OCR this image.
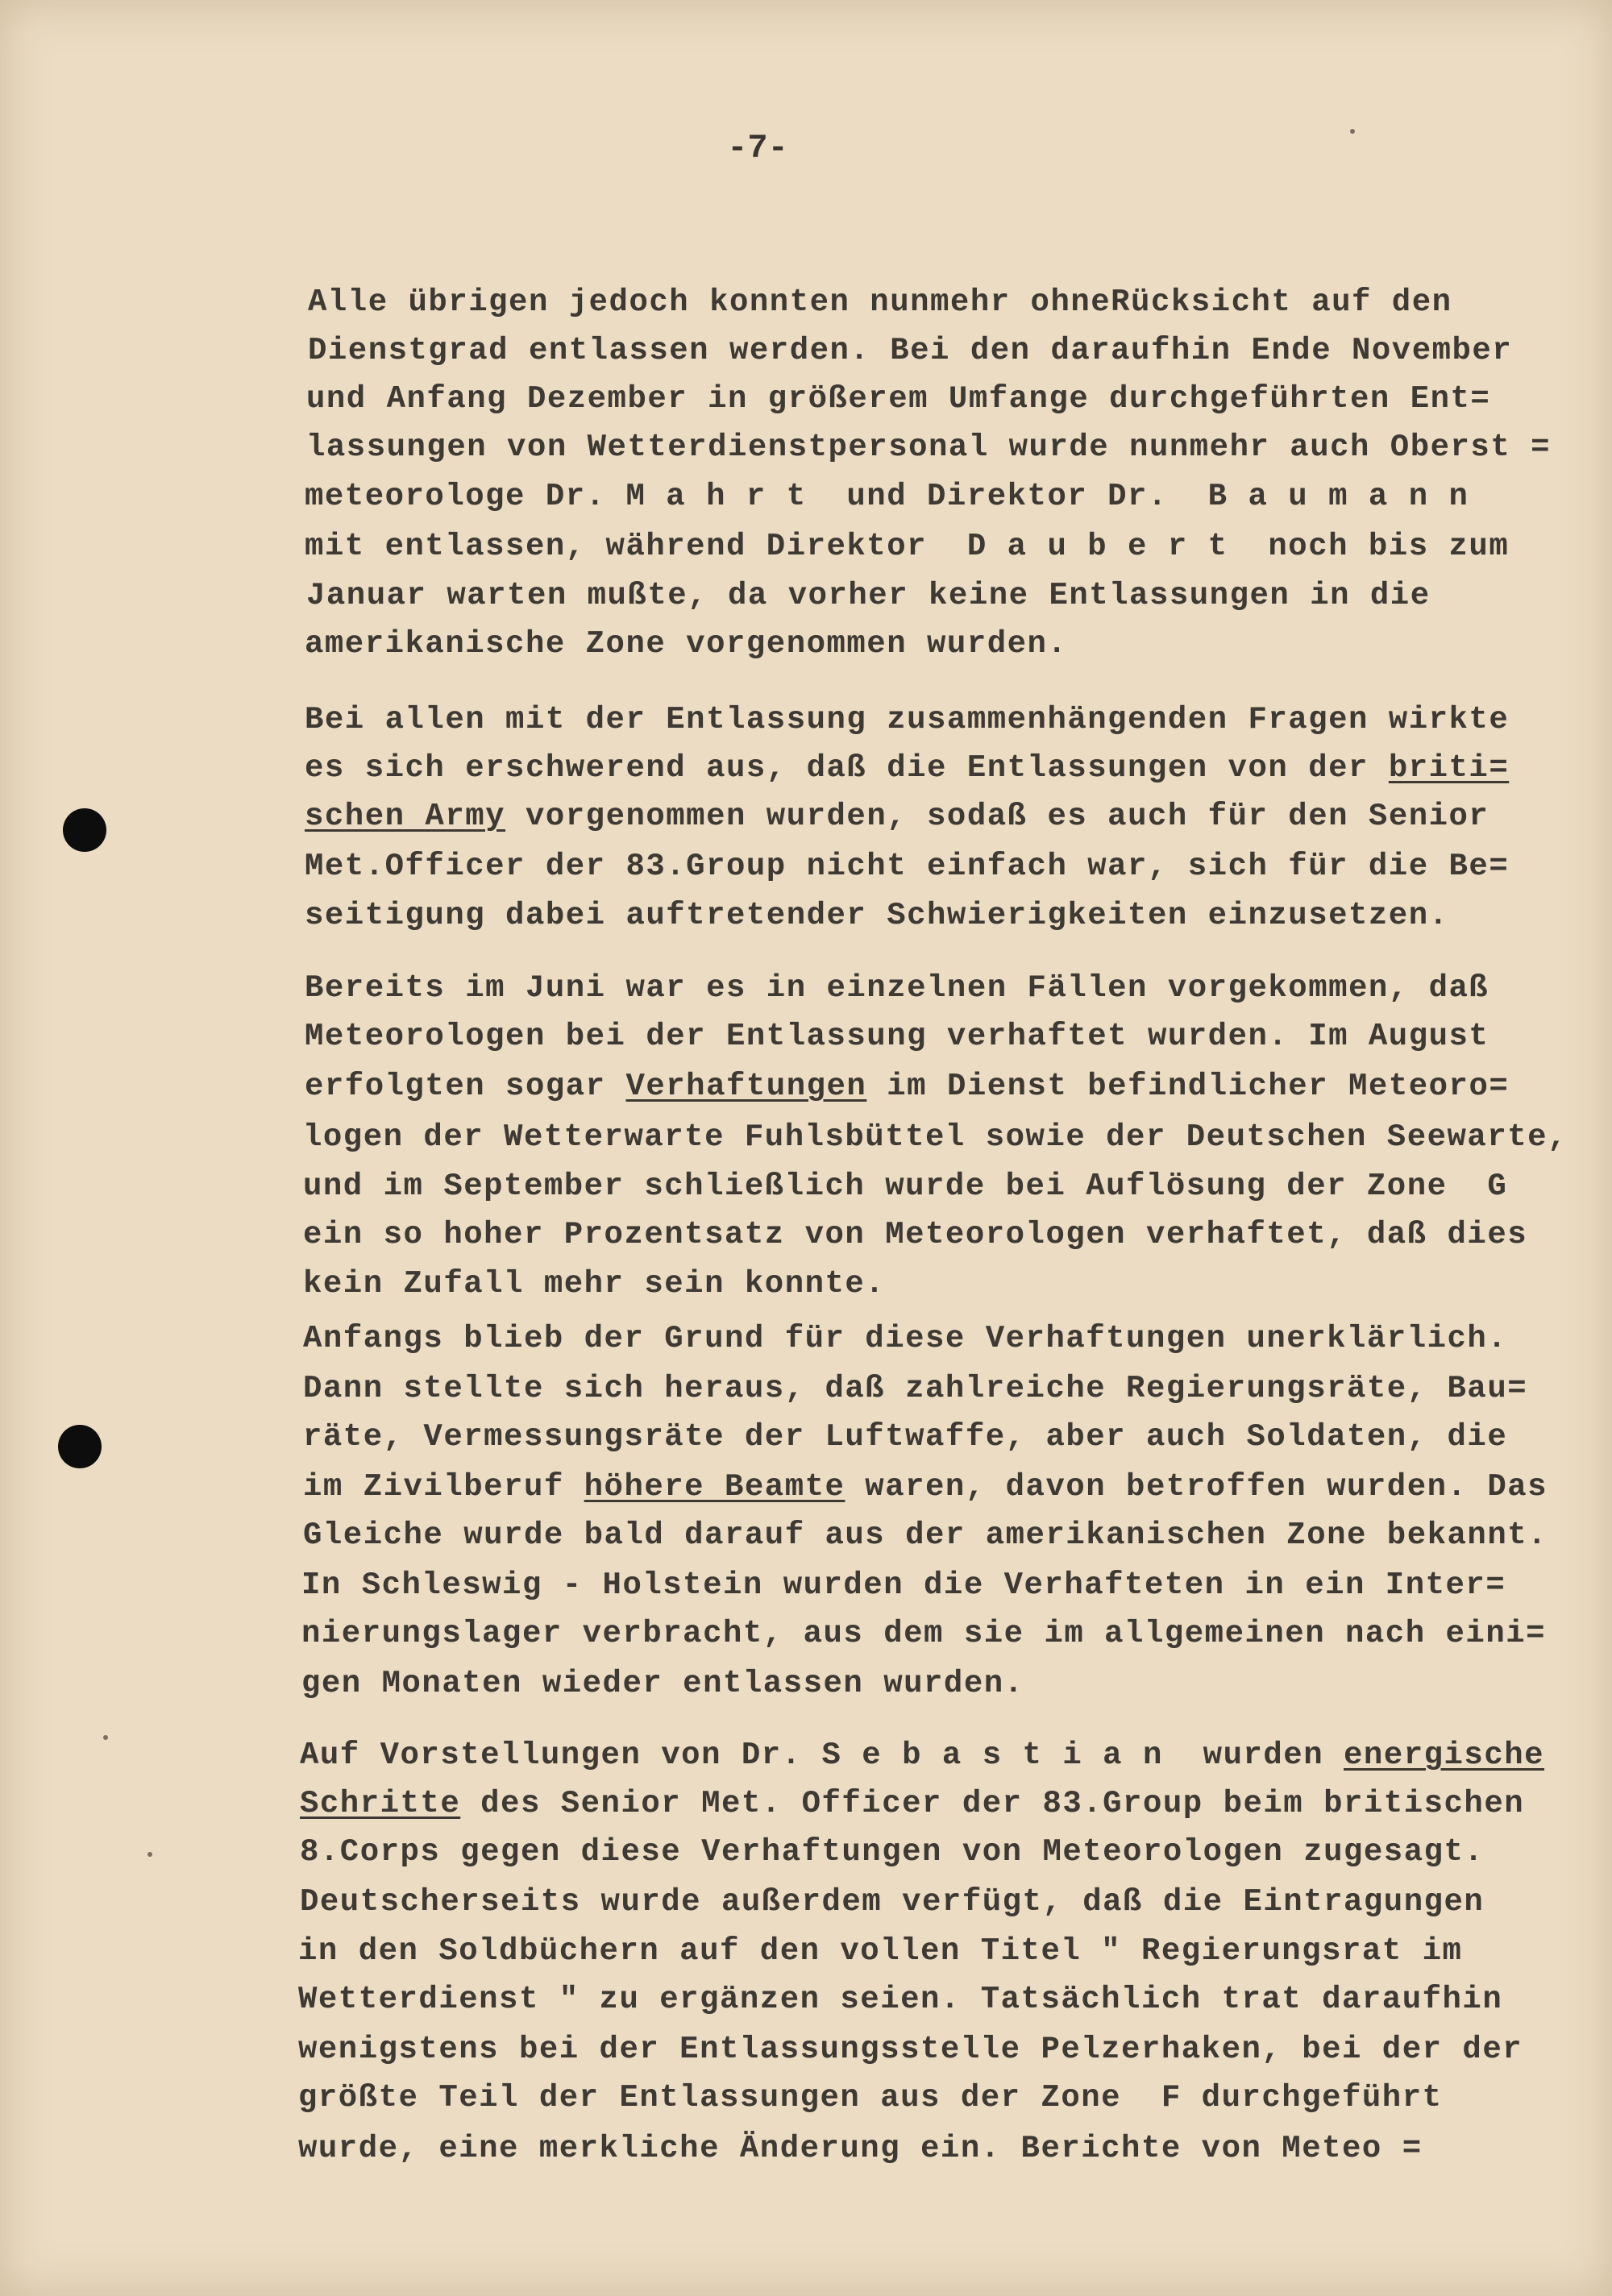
-7-
Alle übrigen jedoch konnten nunmehr ohneRücksicht auf den
Dienstgrad entlassen werden. Bei den daraufhin Ende November
und Anfang Dezember in größerem Umfange durchgeführten Ent=
lassungen von Wetterdienstpersonal wurde nunmehr auch Oberst =
meteorologe Dr. M a h r t  und Direktor Dr.  B a u m a n n
mit entlassen, während Direktor  D a u b e r t  noch bis zum
Januar warten mußte, da vorher keine Entlassungen in die
amerikanische Zone vorgenommen wurden.
Bei allen mit der Entlassung zusammenhängenden Fragen wirkte
es sich erschwerend aus, daß die Entlassungen von der briti=
schen Army vorgenommen wurden, sodaß es auch für den Senior
Met.Officer der 83.Group nicht einfach war, sich für die Be=
seitigung dabei auftretender Schwierigkeiten einzusetzen.
Bereits im Juni war es in einzelnen Fällen vorgekommen, daß
Meteorologen bei der Entlassung verhaftet wurden. Im August
erfolgten sogar Verhaftungen im Dienst befindlicher Meteoro=
logen der Wetterwarte Fuhlsbüttel sowie der Deutschen Seewarte,
und im September schließlich wurde bei Auflösung der Zone  G
ein so hoher Prozentsatz von Meteorologen verhaftet, daß dies
kein Zufall mehr sein konnte.
Anfangs blieb der Grund für diese Verhaftungen unerklärlich.
Dann stellte sich heraus, daß zahlreiche Regierungsräte, Bau=
räte, Vermessungsräte der Luftwaffe, aber auch Soldaten, die
im Zivilberuf höhere Beamte waren, davon betroffen wurden. Das
Gleiche wurde bald darauf aus der amerikanischen Zone bekannt.
In Schleswig - Holstein wurden die Verhafteten in ein Inter=
nierungslager verbracht, aus dem sie im allgemeinen nach eini=
gen Monaten wieder entlassen wurden.
Auf Vorstellungen von Dr. S e b a s t i a n  wurden energische
Schritte des Senior Met. Officer der 83.Group beim britischen
8.Corps gegen diese Verhaftungen von Meteorologen zugesagt.
Deutscherseits wurde außerdem verfügt, daß die Eintragungen
in den Soldbüchern auf den vollen Titel " Regierungsrat im
Wetterdienst " zu ergänzen seien. Tatsächlich trat daraufhin
wenigstens bei der Entlassungsstelle Pelzerhaken, bei der der
größte Teil der Entlassungen aus der Zone  F durchgeführt
wurde, eine merkliche Änderung ein. Berichte von Meteo =
